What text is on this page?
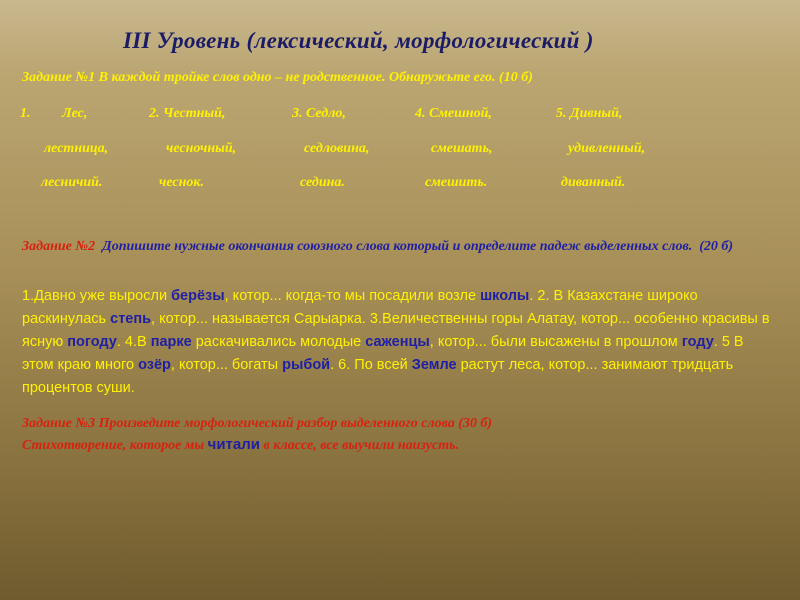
III Уровень (лексический, морфологический )
Задание №1 В каждой тройке слов одно – не родственное. Обнаружьте его. (10 б)
1. Лес,	2. Честный,	3. Седло,	4. Смешной,	5. Дивный,
лестница,	чесночный,	седловина,	смешать,	удивленный,
лесничий.	чеснок.	седина.	смешить.	диванный.
Задание №2 Допишите нужные окончания союзного слова который и определите падеж выделенных слов. (20 б)
1.Давно уже выросли берёзы, котор... когда-то мы посадили возле школы. 2. В Казахстане широко раскинулась степь, котор... называется Сарыарка. 3.Величественны горы Алатау, котор... особенно красивы в ясную погоду. 4.В парке раскачивались молодые саженцы, котор... были высажены в прошлом году. 5 В этом краю много озёр, котор... богаты рыбой. 6. По всей Земле растут леса, котор... занимают тридцать процентов суши.
Задание №3 Произведите морфологический разбор выделенного слова (30 б)
Стихотворение, которое мы читали в классе, все выучили наизусть.
